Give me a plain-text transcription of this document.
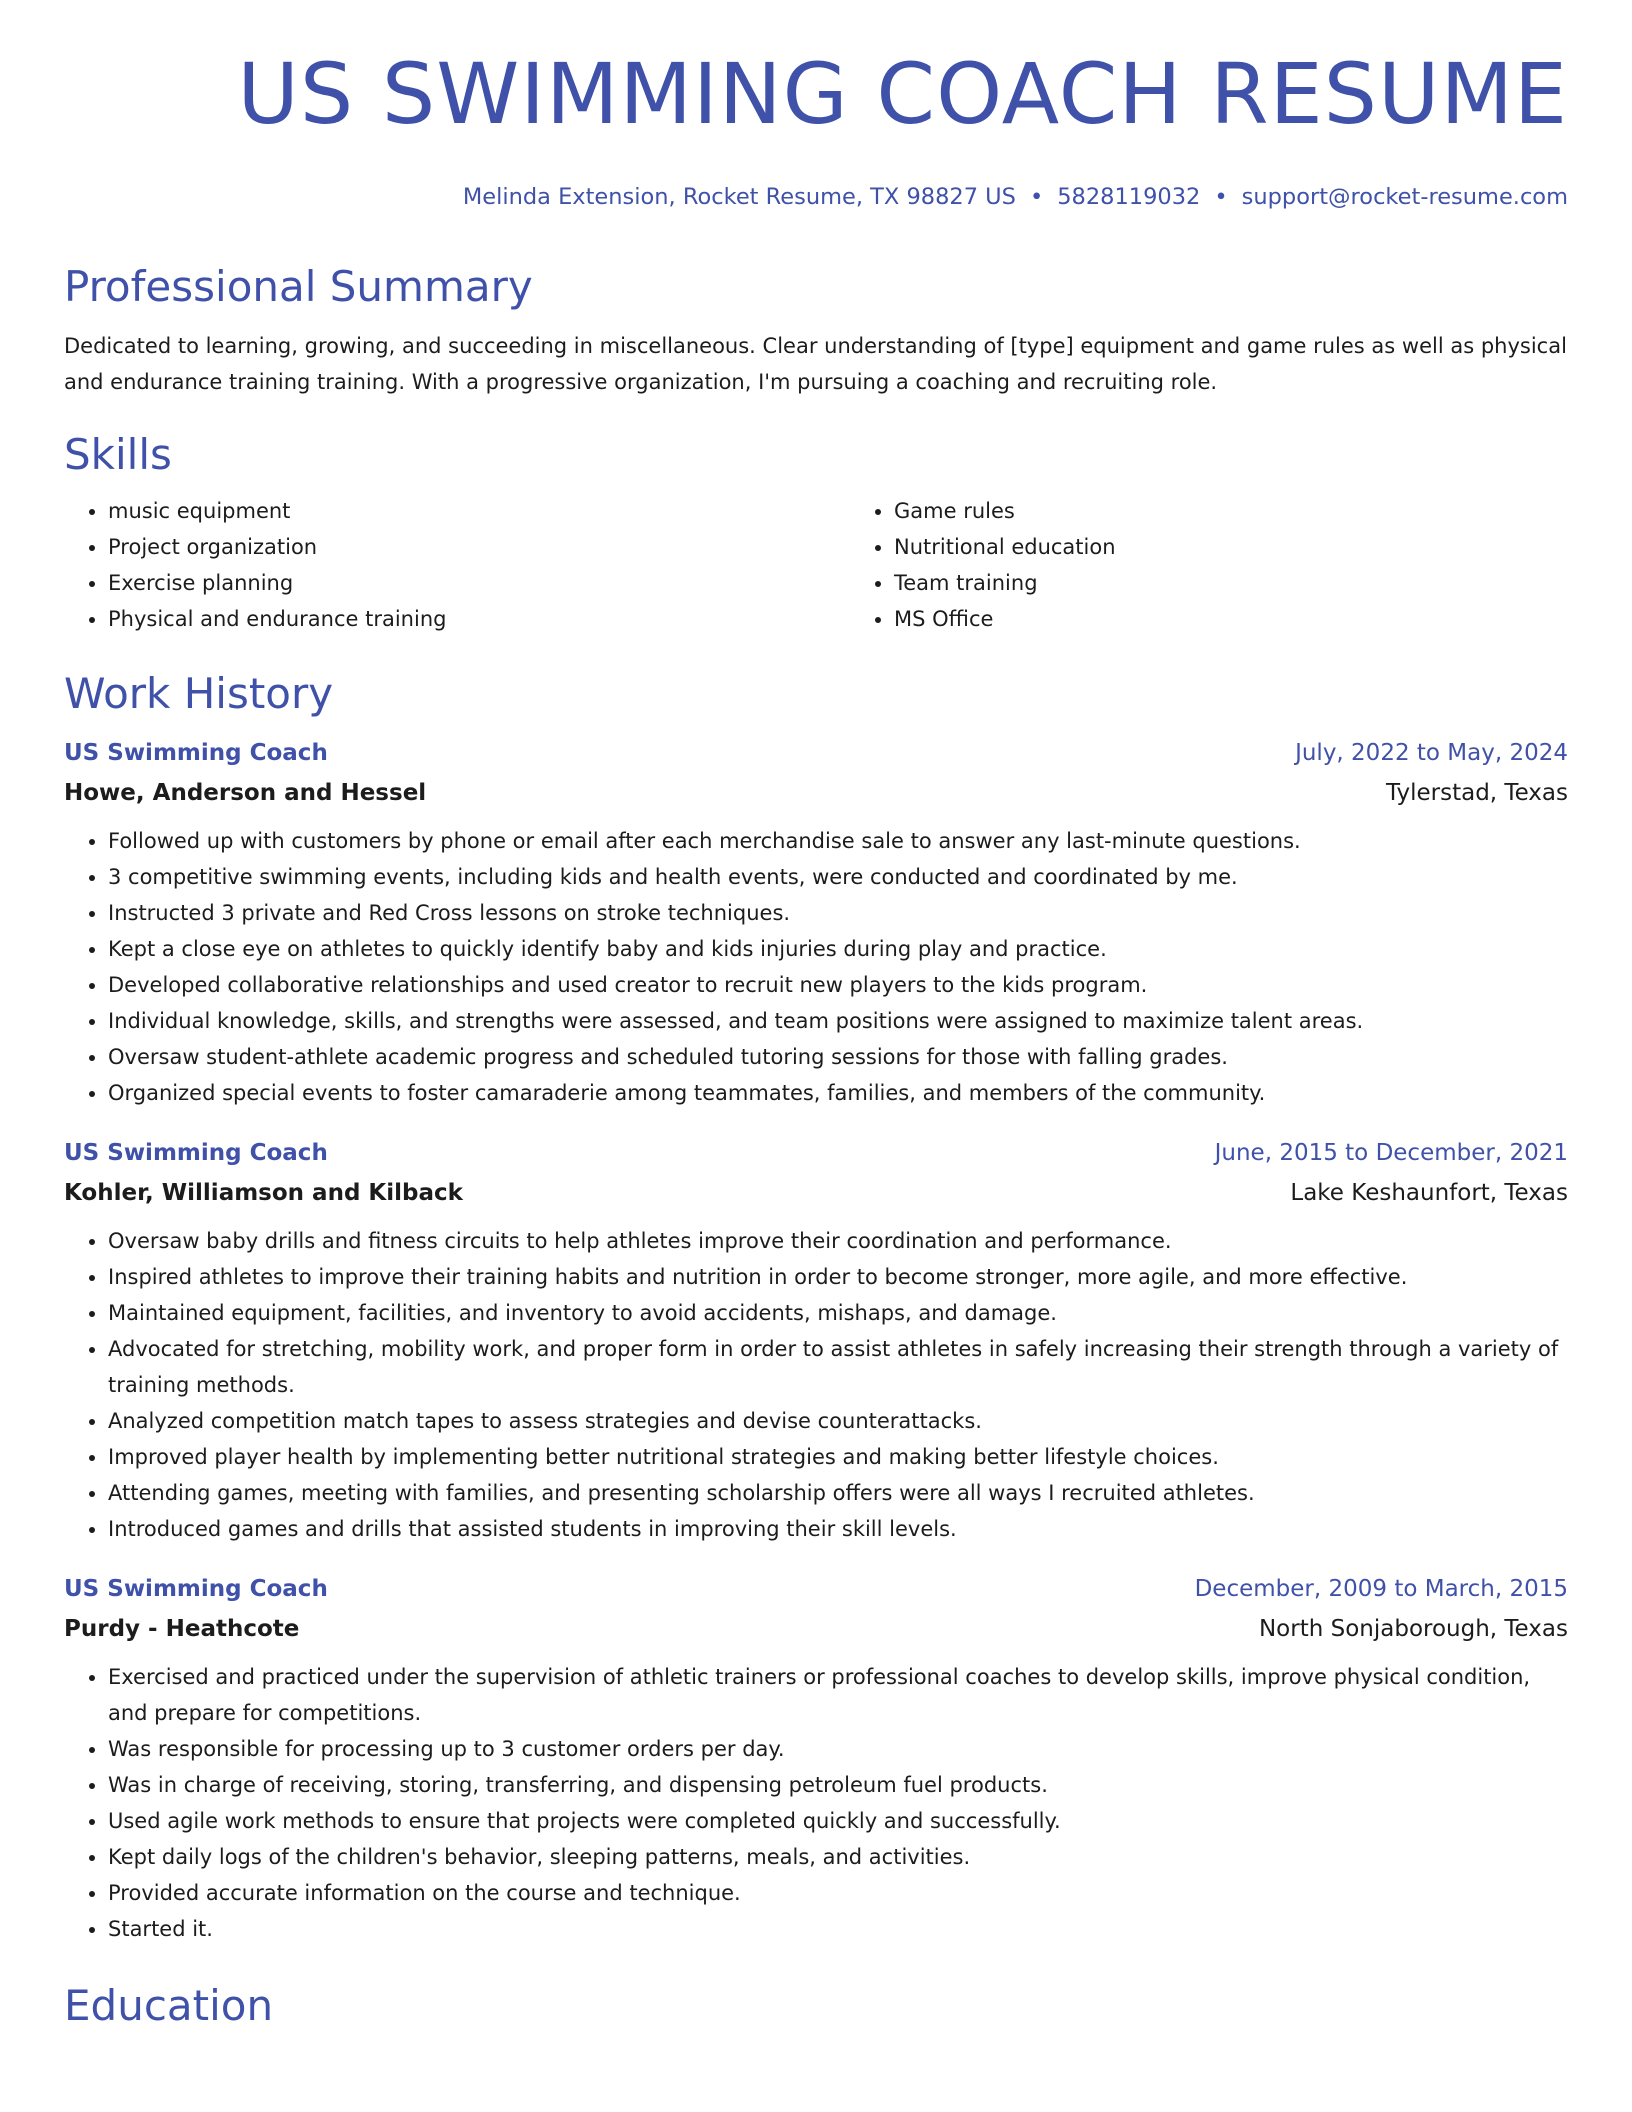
US SWIMMING COACH RESUME

Melinda Extension, Rocket Resume, TX 98827 US • 5828119032 • support@rocket-resume.com

Professional Summary

Dedicated to learning, growing, and succeeding in miscellaneous. Clear understanding of [type] equipment and game rules as well as physical and endurance training training. With a progressive organization, I'm pursuing a coaching and recruiting role.

Skills
• music equipment
• Project organization
• Exercise planning
• Physical and endurance training
• Game rules
• Nutritional education
• Team training
• MS Office
Work History
US Swimming Coach	July, 2022 to May, 2024
Howe, Anderson and Hessel	Tylerstad, Texas
• Followed up with customers by phone or email after each merchandise sale to answer any last-minute questions.
• 3 competitive swimming events, including kids and health events, were conducted and coordinated by me.
• Instructed 3 private and Red Cross lessons on stroke techniques.
• Kept a close eye on athletes to quickly identify baby and kids injuries during play and practice.
• Developed collaborative relationships and used creator to recruit new players to the kids program.
• Individual knowledge, skills, and strengths were assessed, and team positions were assigned to maximize talent areas.
• Oversaw student-athlete academic progress and scheduled tutoring sessions for those with falling grades.
• Organized special events to foster camaraderie among teammates, families, and members of the community.
US Swimming Coach	June, 2015 to December, 2021
Kohler, Williamson and Kilback	Lake Keshaunfort, Texas
• Oversaw baby drills and fitness circuits to help athletes improve their coordination and performance.
• Inspired athletes to improve their training habits and nutrition in order to become stronger, more agile, and more effective.
• Maintained equipment, facilities, and inventory to avoid accidents, mishaps, and damage.
• Advocated for stretching, mobility work, and proper form in order to assist athletes in safely increasing their strength through a variety of training methods.
• Analyzed competition match tapes to assess strategies and devise counterattacks.
• Improved player health by implementing better nutritional strategies and making better lifestyle choices.
• Attending games, meeting with families, and presenting scholarship offers were all ways I recruited athletes.
• Introduced games and drills that assisted students in improving their skill levels.
US Swimming Coach	December, 2009 to March, 2015
Purdy - Heathcote	North Sonjaborough, Texas
• Exercised and practiced under the supervision of athletic trainers or professional coaches to develop skills, improve physical condition, and prepare for competitions.
• Was responsible for processing up to 3 customer orders per day.
• Was in charge of receiving, storing, transferring, and dispensing petroleum fuel products.
• Used agile work methods to ensure that projects were completed quickly and successfully.
• Kept daily logs of the children's behavior, sleeping patterns, meals, and activities.
• Provided accurate information on the course and technique.
• Started it.
Education
